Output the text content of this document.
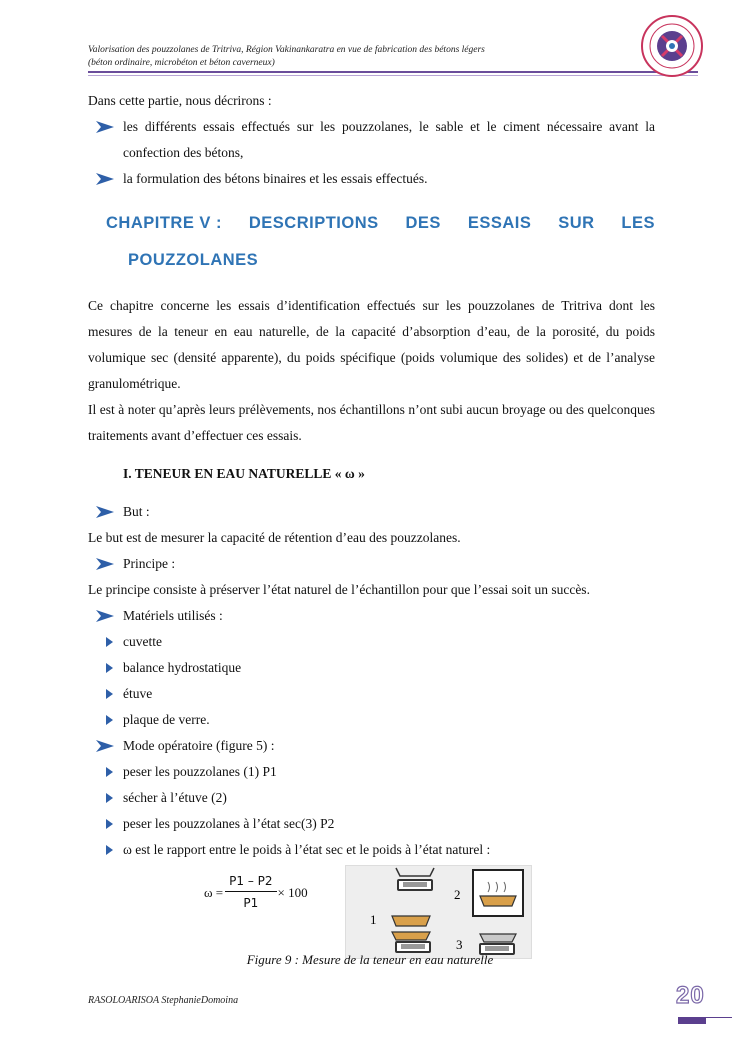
Valorisation des pouzzolanes de Tritriva, Région Vakinankaratra en vue de fabrication des bétons légers
(béton ordinaire, microbéton et béton caverneux)

Dans cette partie, nous décrirons :

les différents essais effectués sur les pouzzolanes, le sable et le ciment nécessaire avant la confection des bétons,
la formulation des bétons binaires et les essais effectués.
CHAPITRE V : DESCRIPTIONS DES ESSAIS SUR LES
POUZZOLANES

Ce chapitre concerne les essais d’identification effectués sur les pouzzolanes de Tritriva dont les mesures de la teneur en eau naturelle, de la capacité d’absorption d’eau, de la porosité, du poids volumique sec (densité apparente), du poids spécifique (poids volumique des solides) et de l’analyse granulométrique.

Il est à noter qu’après leurs prélèvements, nos échantillons n’ont subi aucun broyage ou des quelconques traitements avant d’effectuer ces essais.

I. TENEUR EN EAU NATURELLE « ω »
But :

Le but est de mesurer la capacité de rétention d’eau des pouzzolanes.

Principe :

Le principe consiste à préserver l’état naturel de l’échantillon pour que l’essai soit un succès.

Matériels utilisés :
cuvette
balance hydrostatique
étuve
plaque de verre.
Mode opératoire (figure 5) :
peser les pouzzolanes (1) P1
sécher à l’étuve (2)
peser les pouzzolanes à l’état sec(3) P2
ω est le rapport entre le poids à l’état sec et le poids à l’état naturel :
ω =	P1 – P2	× 100
P1
2
1
3
Figure 9 : Mesure de la teneur en eau naturelle
RASOLOARISOA StephanieDomoina	20
